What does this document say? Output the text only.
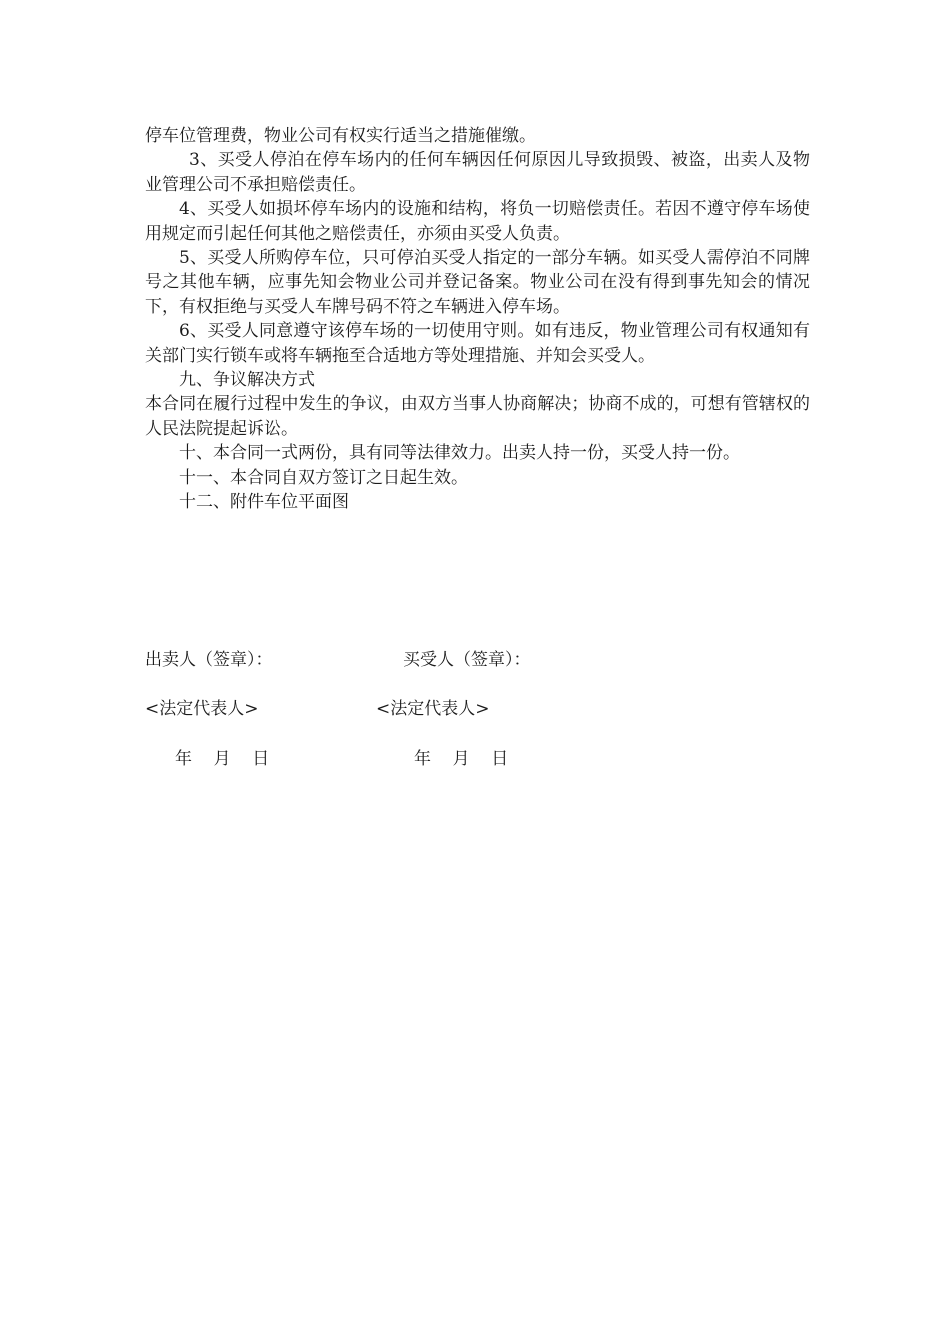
停车位管理费，物业公司有权实行适当之措施催缴。

3、买受人停泊在停车场内的任何车辆因任何原因儿导致损毁、被盗，出卖人及物业管理公司不承担赔偿责任。

4、买受人如损坏停车场内的设施和结构，将负一切赔偿责任。若因不遵守停车场使用规定而引起任何其他之赔偿责任，亦须由买受人负责。

5、买受人所购停车位，只可停泊买受人指定的一部分车辆。如买受人需停泊不同牌号之其他车辆，应事先知会物业公司并登记备案。物业公司在没有得到事先知会的情况下，有权拒绝与买受人车牌号码不符之车辆进入停车场。

6、买受人同意遵守该停车场的一切使用守则。如有违反，物业管理公司有权通知有关部门实行锁车或将车辆拖至合适地方等处理措施、并知会买受人。

九、争议解决方式

本合同在履行过程中发生的争议，由双方当事人协商解决；协商不成的，可想有管辖权的人民法院提起诉讼。

十、本合同一式两份，具有同等法律效力。出卖人持一份，买受人持一份。

十一、本合同自双方签订之日起生效。

十二、附件车位平面图

出卖人（签章）：	买受人（签章）：
<法定代表人>	<法定代表人>
年    月    日	年    月    日
